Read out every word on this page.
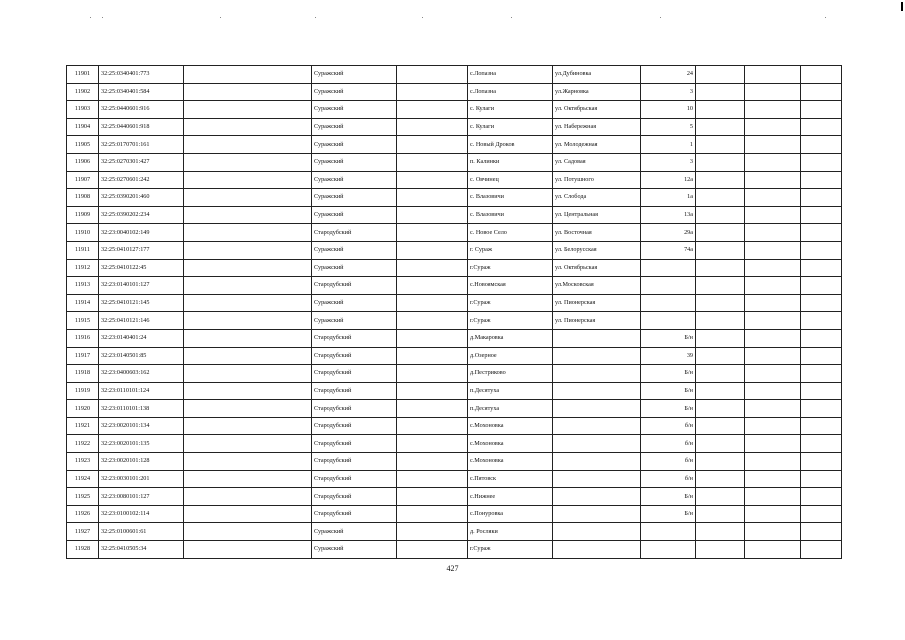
11901	32:25:0340401:773		Суражский		с.Лопазна	ул.Дубиновка	24			
11902	32:25:0340401:584		Суражский		с.Лопазна	ул.Жарновка	3			
11903	32:25:0440601:916		Суражский		с. Кулаги	ул. Октябрьская	10			
11904	32:25:0440601:918		Суражский		с. Кулаги	ул. Набережная	5			
11905	32:25:0170701:161		Суражский		с. Новый Дроков	ул. Молодежная	1			
11906	32:25:0270301:427		Суражский		п. Калинки	ул. Садовая	3			
11907	32:25:0270601:242		Суражский		с. Овчинец	ул. Потушного	12а			
11908	32:25:0390201:460		Суражский		с. Влазовичи	ул. Слобода	1а			
11909	32:25:0390202:234		Суражский		с. Влазовичи	ул. Центральная	13а			
11910	32:23:0040102:149		Стародубский		с. Новое Село	ул. Восточная	29а			
11911	32:25:0410127:177		Суражский		г. Сураж	ул. Белорусская	74а			
11912	32:25:0410122:45		Суражский		г.Сураж	ул. Октябрьская				
11913	32:23:0140101:127		Стародубский		с.Новоямская	ул.Московская				
11914	32:25:0410121:145		Суражский		г.Сураж	ул. Пионерская				
11915	32:25:0410121:146		Суражский		г.Сураж	ул. Пионерская				
11916	32:23:0140401:24		Стародубский		д.Макаровка		Б/н			
11917	32:23:0140501:85		Стародубский		д.Озерное		39			
11918	32:23:0400603:162		Стародубский		д.Пестриково		Б/н			
11919	32:23:0110101:124		Стародубский		п.Десятуха		Б/н			
11920	32:23:0110101:138		Стародубский		п.Десятуха		Б/н			
11921	32:23:0020101:134		Стародубский		с.Мохоновка		б/н			
11922	32:23:0020101:135		Стародубский		с.Мохоновка		б/н			
11923	32:23:0020101:128		Стародубский		с.Мохоновка		б/н			
11924	32:23:0030101:201		Стародубский		с.Пятовск		б/н			
11925	32:23:0080101:127		Стародубский		с.Нижнее		Б/н			
11926	32:23:0100102:114		Стародубский		с.Понуровка		Б/н			
11927	32:25:0100601:61		Суражский		д. Росляки					
11928	32:25:0410505:34		Суражский		г.Сураж					
427
